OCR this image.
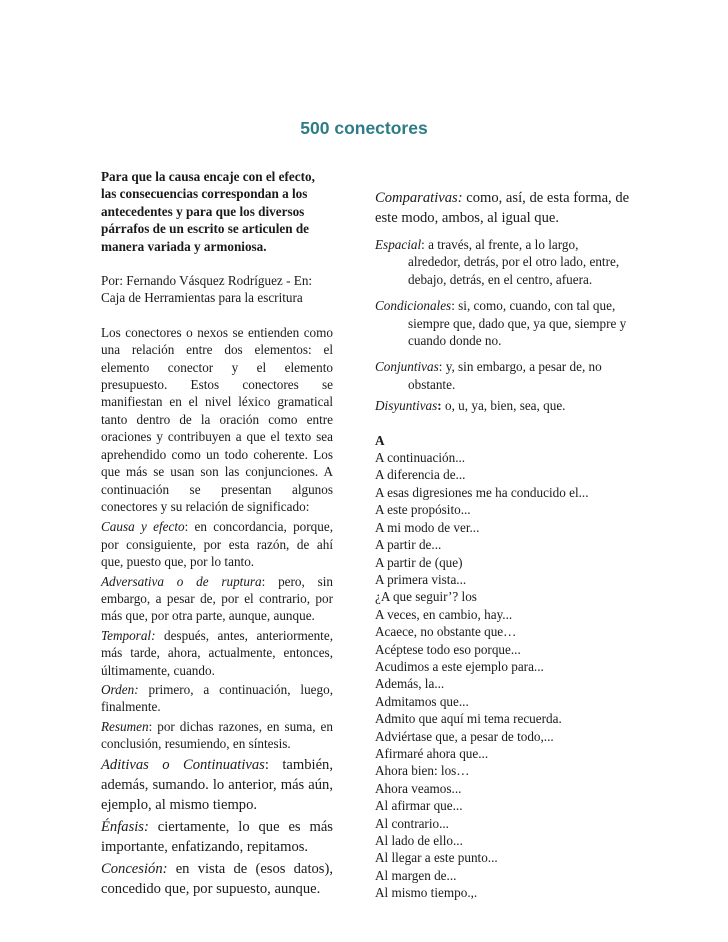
500 conectores

Para que la causa encaje con el efecto, las consecuencias correspondan a los antecedentes y para que los diversos párrafos de un escrito se articulen de manera variada y armoniosa.

Por: Fernando Vásquez Rodríguez - En:

Caja de Herramientas para la escritura

Los conectores o nexos se entienden como una relación entre dos elementos: el elemento conector y el elemento presupuesto. Estos conectores se manifiestan en el nivel léxico gramatical tanto dentro de la oración como entre oraciones y contribuyen a que el texto sea aprehendido como un todo coherente. Los que más se usan son las conjunciones. A continuación se presentan algunos conectores y su relación de significado:

Causa y efecto: en concordancia, porque, por consiguiente, por esta razón, de ahí que, puesto que, por lo tanto.

Adversativa o de ruptura: pero, sin embargo, a pesar de, por el contrario, por más que, por otra parte, aunque, aunque.

Temporal: después, antes, anteriormente, más tarde, ahora, actualmente, entonces, últimamente, cuando.

Orden: primero, a continuación, luego, finalmente.

Resumen: por dichas razones, en suma, en conclusión, resumiendo, en síntesis.

Aditivas o Continuativas: también, además, sumando. lo anterior, más aún, ejemplo, al mismo tiempo.

Énfasis: ciertamente, lo que es más importante, enfatizando, repitamos.

Concesión: en vista de (esos datos), concedido que, por supuesto, aunque.

Comparativas: como, así, de esta forma, de este modo, ambos, al igual que.

Espacial: a través, al frente, a lo largo, alrededor, detrás, por el otro lado, entre, debajo, detrás, en el centro, afuera.

Condicionales: si, como, cuando, con tal que, siempre que, dado que, ya que, siempre y cuando donde no.

Conjuntivas: y, sin embargo, a pesar de, no obstante.

Disyuntivas: o, u, ya, bien, sea, que.

A

A continuación...

A diferencia de...

A esas digresiones me ha conducido el...

A este propósito...

A mi modo de ver...

A partir de...

A partir de (que)

A primera vista...

¿A que seguir’? los

A veces, en cambio, hay...

Acaece, no obstante que…

Acéptese todo eso porque...

Acudimos a este ejemplo para...

Además, la...

Admitamos que...

Admito que aquí mi tema recuerda.

Adviértase que, a pesar de todo,...

Afirmaré ahora que...

Ahora bien: los…

Ahora veamos...

Al afirmar que...

Al contrario...

Al lado de ello...

Al llegar a este punto...

Al margen de...

Al mismo tiempo.,.
